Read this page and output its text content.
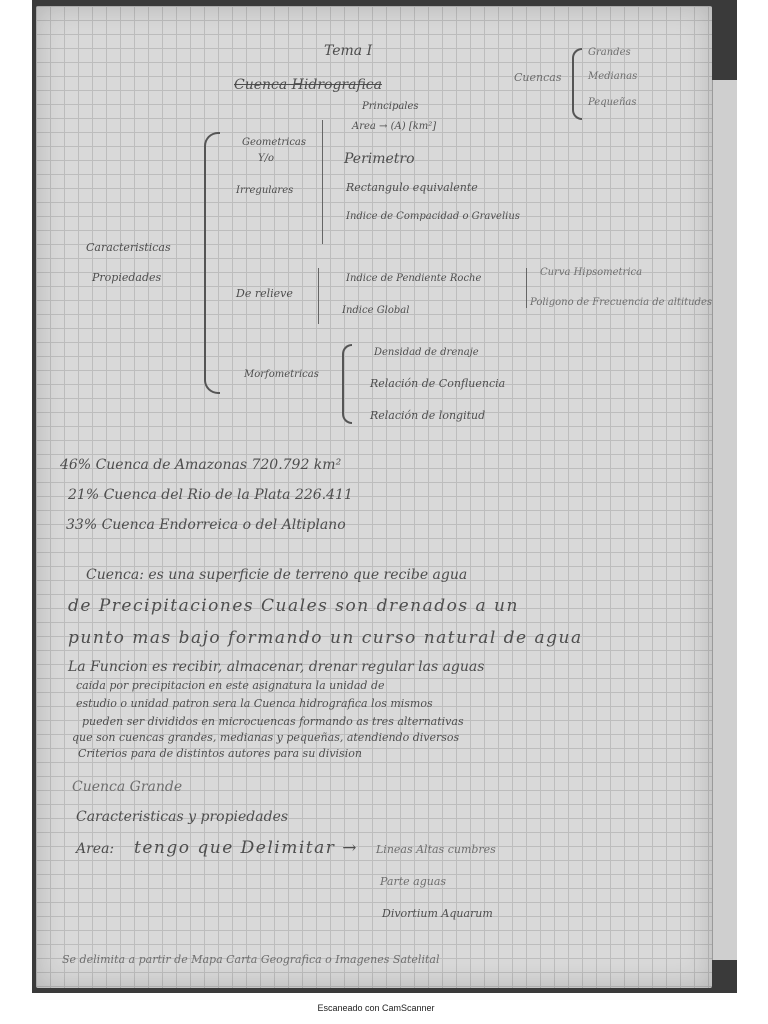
Tema I
Cuenca Hidrografica	Cuencas
Grandes
Medianas
Pequeñas
Caracteristicas
Propiedades
Geometricas
Y/o
Irregulares
Principales
Area → (A) [km²]
Perimetro
Rectangulo equivalente
Indice de Compacidad o Gravelius
De relieve
Indice de Pendiente Roche
Indice Global
Curva Hipsometrica
Poligono de Frecuencia de altitudes
Morfometricas
Densidad de drenaje
Relación de Confluencia
Relación de longitud
46% Cuenca de Amazonas 720.792 km²
21% Cuenca del Rio de la Plata 226.411
33% Cuenca Endorreica o del Altiplano
Cuenca: es una superficie de terreno que recibe agua
de Precipitaciones Cuales son drenados a un
punto mas bajo formando un curso natural de agua
La Funcion es recibir, almacenar, drenar regular las aguas
caida por precipitacion en este asignatura la unidad de
estudio o unidad patron sera la Cuenca hidrografica los mismos
pueden ser divididos en microcuencas formando as tres alternativas
que son cuencas grandes, medianas y pequeñas, atendiendo diversos
Criterios para de distintos autores para su division
Cuenca Grande
Caracteristicas y propiedades
Area: tengo que Delimitar → Lineas Altas cumbres
Parte aguas
Divortium Aquarum
Se delimita a partir de Mapa Carta Geografica o Imagenes Satelital
Escaneado con CamScanner
